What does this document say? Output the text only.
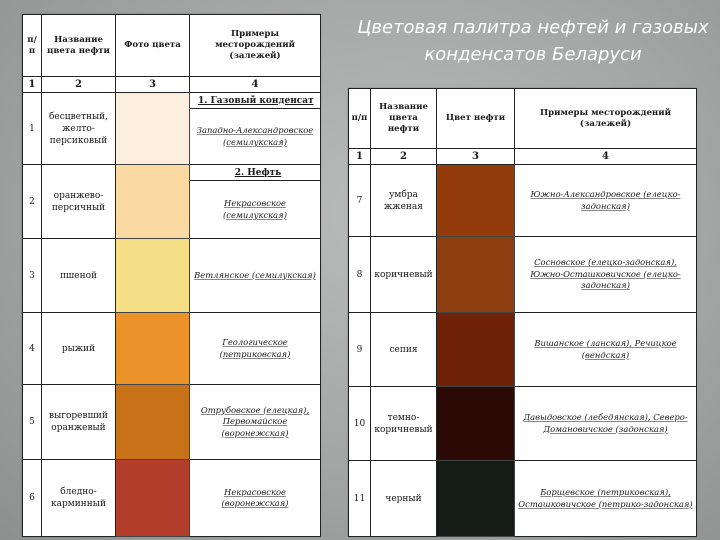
Цветовая палитра нефтей и газовых конденсатов Беларуси
п/п	Название цвета нефти	Фото цвета	Примеры месторождений (залежей)
1	2	3	4
1	бесцветный, желто-персиковый		1. Газовый конденсат
			Западно-Александровское (семилукская)
2	оранжево-персичный		2. Нефть
			Некрасовское (семилукская)
3	пшеной		Ветлянское (семилукская)
4	рыжий		Геологическое (петриковская)
5	выгоревший оранжевый		Отрубовское (елецкая), Первомайское (воронежская)
6	бледно-карминный		Некрасовское (воронежская)
п/п	Название цвета нефти	Цвет нефти	Примеры месторождений (залежей)
1	2	3	4
7	умбра жженая		Южно-Александровское (елецко-задонская)
8	коричневый		Сосновское (елецко-задонская), Южно-Осташковичское (елецко-задонская)
9	сепия		Вишанское (ланская), Речицкое (вендская)
10	темно-коричневый		Давыдовское (лебедянская), Северо-Домановичское (задонская)
11	черный		Борщевское (петриковская), Осташковичское (петрико-задонская)
